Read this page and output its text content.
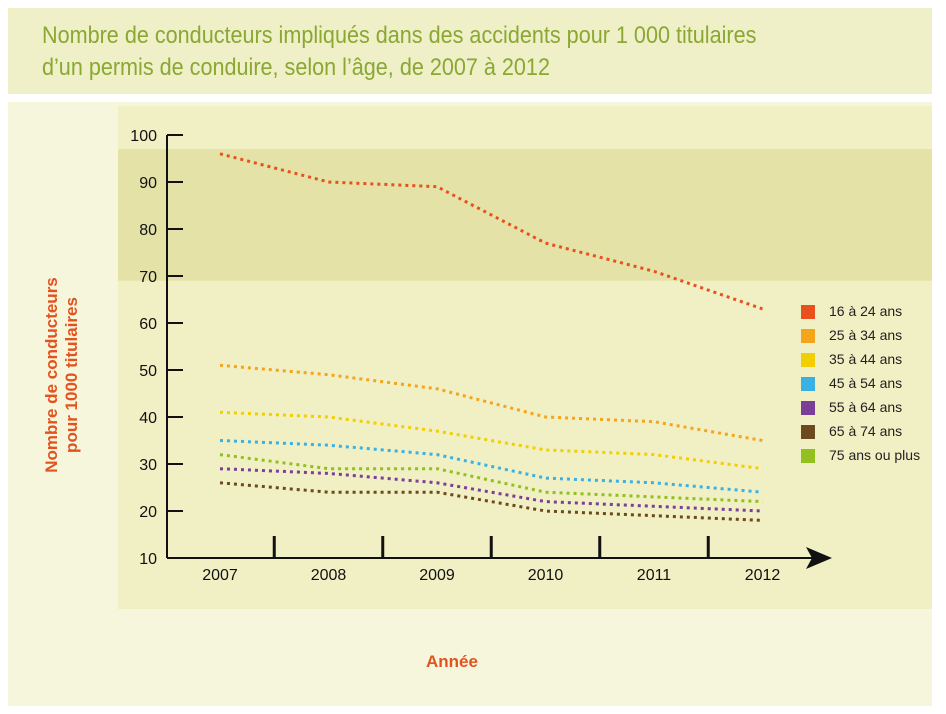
Nombre de conducteurs impliqués dans des accidents pour 1 000 titulaires
d’un permis de conduire, selon l’âge, de 2007 à 2012
10
20
30
40
50
60
70
80
90
100
2007	2008	2009	2010	2011	2012
Nombre de conducteurs pour 1000 titulaires
Année
16 à 24 ans
25 à 34 ans
35 à 44 ans
45 à 54 ans
55 à 64 ans
65 à 74 ans
75 ans ou plus
